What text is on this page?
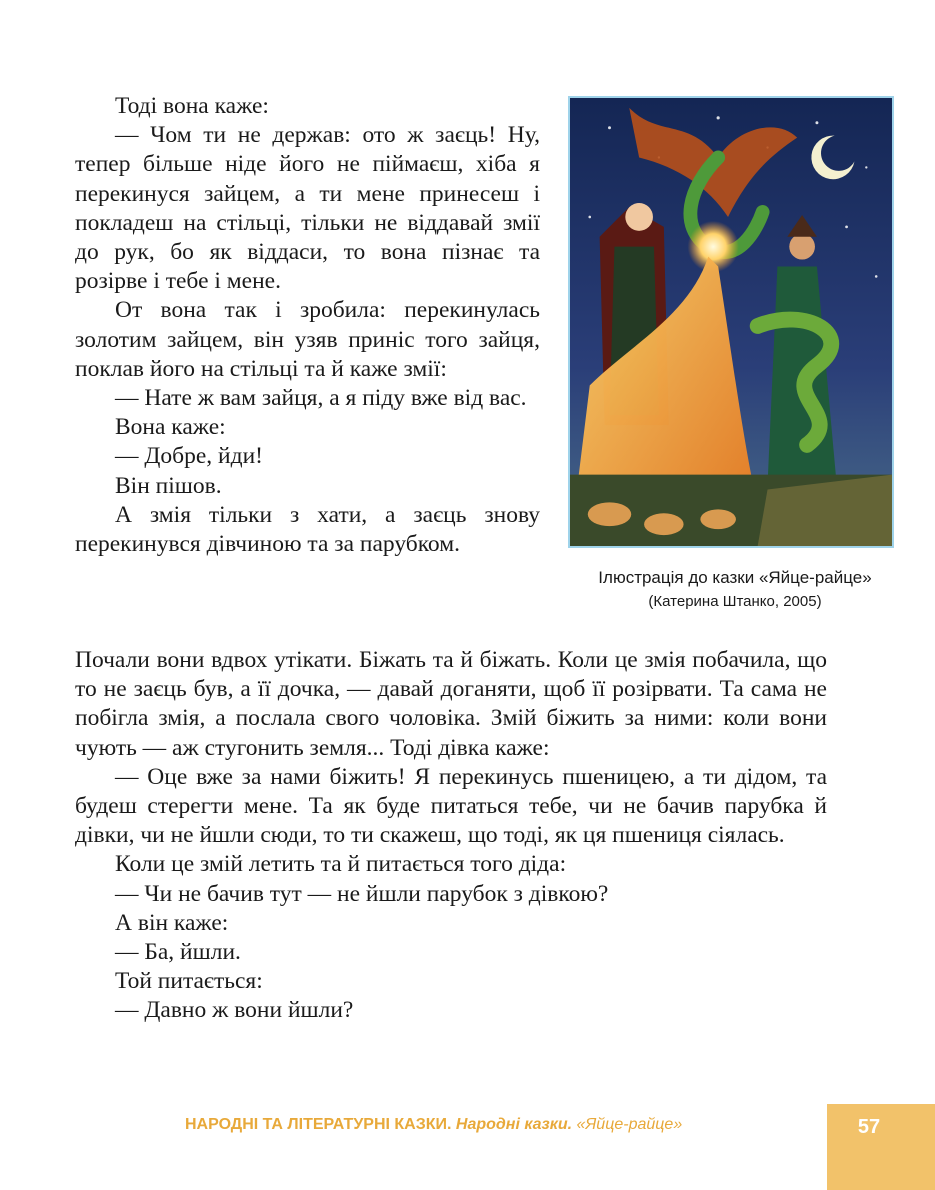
Тоді вона каже:

— Чом ти не держав: ото ж заєць! Ну, тепер більше ніде його не піймаєш, хіба я перекинуся зайцем, а ти мене принесеш і покладеш на стільці, тільки не віддавай змії до рук, бо як віддаси, то вона пізнає та розірве і тебе і мене.

От вона так і зробила: перекинулась золотим зайцем, він узяв приніс того зайця, поклав його на стільці та й каже змії:

— Нате ж вам зайця, а я піду вже від вас.

Вона каже:

— Добре, йди!

Він пішов.

А змія тільки з хати, а заєць знову перекинувся дівчиною та за парубком.

Ілюстрація до казки «Яйце-райце»
(Катерина Штанко, 2005)

Почали вони вдвох утікати. Біжать та й біжать. Коли це змія побачила, що то не заєць був, а її дочка, — давай доганяти, щоб її розірвати. Та сама не побігла змія, а послала свого чоловіка. Змій біжить за ними: коли вони чують — аж стугонить земля... Тоді дівка каже:

— Оце вже за нами біжить! Я перекинусь пшеницею, а ти дідом, та будеш стерегти мене. Та як буде питаться тебе, чи не бачив парубка й дівки, чи не йшли сюди, то ти скажеш, що тоді, як ця пшениця сіялась.

Коли це змій летить та й питається того діда:

— Чи не бачив тут — не йшли парубок з дівкою?

А він каже:

— Ба, йшли.

Той питається:

— Давно ж вони йшли?

НАРОДНІ ТА ЛІТЕРАТУРНІ КАЗКИ. Народні казки. «Яйце-райце»	57
